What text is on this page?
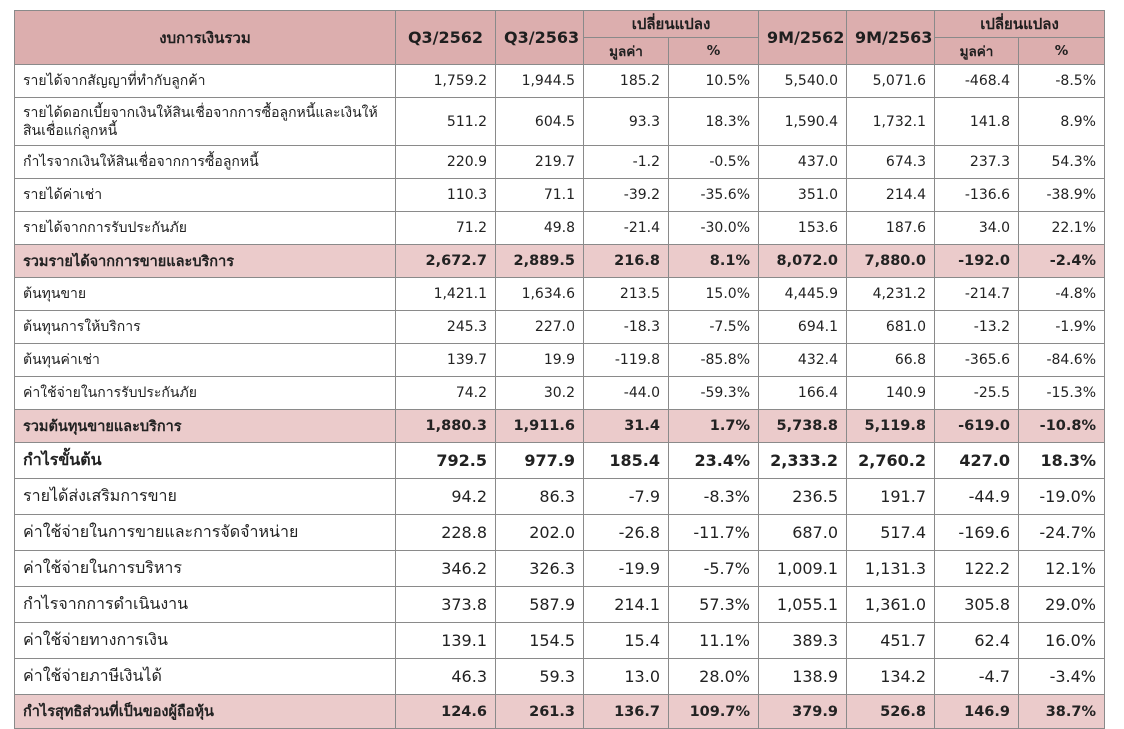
งบการเงินรวม	Q3/2562	Q3/2563	เปลี่ยนแปลง		9M/2562	9M/2563	เปลี่ยนแปลง	
			มูลค่า	%			มูลค่า	%
รายได้จากสัญญาที่ทำกับลูกค้า	1,759.2	1,944.5	185.2	10.5%	5,540.0	5,071.6	-468.4	-8.5%
รายได้ดอกเบี้ยจากเงินให้สินเชื่อจากการซื้อลูกหนี้และเงินให้สินเชื่อแก่ลูกหนี้	511.2	604.5	93.3	18.3%	1,590.4	1,732.1	141.8	8.9%
กำไรจากเงินให้สินเชื่อจากการซื้อลูกหนี้	220.9	219.7	-1.2	-0.5%	437.0	674.3	237.3	54.3%
รายได้ค่าเช่า	110.3	71.1	-39.2	-35.6%	351.0	214.4	-136.6	-38.9%
รายได้จากการรับประกันภัย	71.2	49.8	-21.4	-30.0%	153.6	187.6	34.0	22.1%
รวมรายได้จากการขายและบริการ	2,672.7	2,889.5	216.8	8.1%	8,072.0	7,880.0	-192.0	-2.4%
ต้นทุนขาย	1,421.1	1,634.6	213.5	15.0%	4,445.9	4,231.2	-214.7	-4.8%
ต้นทุนการให้บริการ	245.3	227.0	-18.3	-7.5%	694.1	681.0	-13.2	-1.9%
ต้นทุนค่าเช่า	139.7	19.9	-119.8	-85.8%	432.4	66.8	-365.6	-84.6%
ค่าใช้จ่ายในการรับประกันภัย	74.2	30.2	-44.0	-59.3%	166.4	140.9	-25.5	-15.3%
รวมต้นทุนขายและบริการ	1,880.3	1,911.6	31.4	1.7%	5,738.8	5,119.8	-619.0	-10.8%
กำไรขั้นต้น	792.5	977.9	185.4	23.4%	2,333.2	2,760.2	427.0	18.3%
รายได้ส่งเสริมการขาย	94.2	86.3	-7.9	-8.3%	236.5	191.7	-44.9	-19.0%
ค่าใช้จ่ายในการขายและการจัดจำหน่าย	228.8	202.0	-26.8	-11.7%	687.0	517.4	-169.6	-24.7%
ค่าใช้จ่ายในการบริหาร	346.2	326.3	-19.9	-5.7%	1,009.1	1,131.3	122.2	12.1%
กำไรจากการดำเนินงาน	373.8	587.9	214.1	57.3%	1,055.1	1,361.0	305.8	29.0%
ค่าใช้จ่ายทางการเงิน	139.1	154.5	15.4	11.1%	389.3	451.7	62.4	16.0%
ค่าใช้จ่ายภาษีเงินได้	46.3	59.3	13.0	28.0%	138.9	134.2	-4.7	-3.4%
กำไรสุทธิส่วนที่เป็นของผู้ถือหุ้น	124.6	261.3	136.7	109.7%	379.9	526.8	146.9	38.7%
